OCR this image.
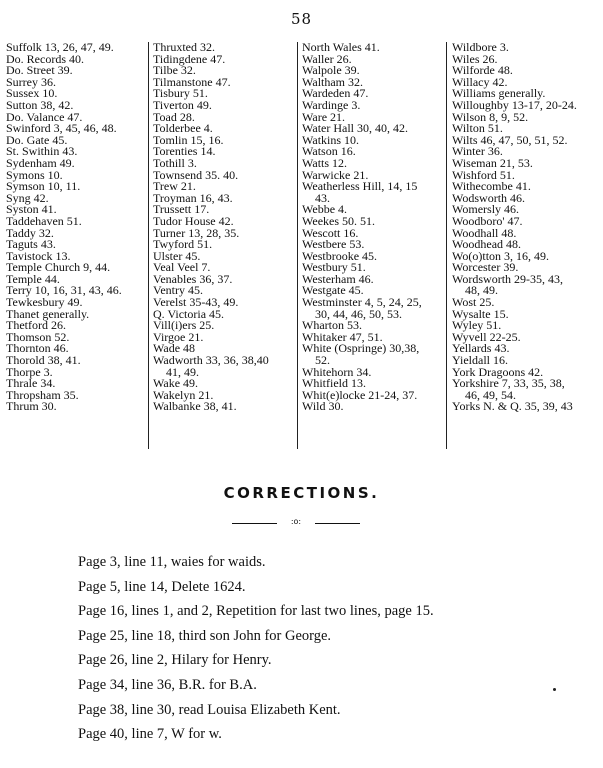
58
Suffolk 13, 26, 47, 49.
Do. Records 40.
Do. Street 39.
Surrey 36.
Sussex 10.
Sutton 38, 42.
Do. Valance 47.
Swinford 3, 45, 46, 48.
Do. Gate 45.
St. Swithin 43.
Sydenham 49.
Symons 10.
Symson 10, 11.
Syng 42.
Syston 41.
Taddehaven 51.
Taddy 32.
Taguts 43.
Tavistock 13.
Temple Church 9, 44.
Temple 44.
Terry 10, 16, 31, 43, 46.
Tewkesbury 49.
Thanet generally.
Thetford 26.
Thomson 52.
Thornton 46.
Thorold 38, 41.
Thorpe 3.
Thrale 34.
Thropsham 35.
Thrum 30.
Thruxted 32.
Tidingdene 47.
Tilbe 32.
Tilmanstone 47.
Tisbury 51.
Tiverton 49.
Toad 28.
Tolderbee 4.
Tomlin 15, 16.
Torenties 14.
Tothill 3.
Townsend 35. 40.
Trew 21.
Troyman 16, 43.
Trussett 17.
Tudor House 42.
Turner 13, 28, 35.
Twyford 51.
Ulster 45.
Veal Veel 7.
Venables 36, 37.
Ventry 45.
Verelst 35-43, 49.
Q. Victoria 45.
Vill(i)ers 25.
Virgoe 21.
Wade 48
Wadworth 33, 36, 38,40
41, 49.
Wake 49.
Wakelyn 21.
Walbanke 38, 41.
North Wales 41.
Waller 26.
Walpole 39.
Waltham 32.
Wardeden 47.
Wardinge 3.
Ware 21.
Water Hall 30, 40, 42.
Watkins 10.
Watson 16.
Watts 12.
Warwicke 21.
Weatherless Hill, 14, 15
43.
Webbe 4.
Weekes 50. 51.
Wescott 16.
Westbere 53.
Westbrooke 45.
Westbury 51.
Westerham 46.
Westgate 45.
Westminster 4, 5, 24, 25,
30, 44, 46, 50, 53.
Wharton 53.
Whitaker 47, 51.
White (Ospringe) 30,38,
52.
Whitehorn 34.
Whitfield 13.
Whit(e)locke 21-24, 37.
Wild 30.
Wildbore 3.
Wiles 26.
Wilforde 48.
Willacy 42.
Williams generally.
Willoughby 13-17, 20-24.
Wilson 8, 9, 52.
Wilton 51.
Wilts 46, 47, 50, 51, 52.
Winter 36.
Wiseman 21, 53.
Wishford 51.
Withecombe 41.
Wodsworth 46.
Womersly 46.
Woodboro' 47.
Woodhall 48.
Woodhead 48.
Wo(o)tton 3, 16, 49.
Worcester 39.
Wordsworth 29-35, 43,
48, 49.
Wost 25.
Wysalte 15.
Wyley 51.
Wyvell 22-25.
Yellards 43.
Yieldall 16.
York Dragoons 42.
Yorkshire 7, 33, 35, 38,
46, 49, 54.
Yorks N. & Q. 35, 39, 43
CORRECTIONS.
:o:
Page 3, line 11, waies for waids.
Page 5, line 14, Delete 1624.
Page 16, lines 1, and 2, Repetition for last two lines, page 15.
Page 25, line 18, third son John for George.
Page 26, line 2, Hilary for Henry.
Page 34, line 36, B.R. for B.A.
Page 38, line 30, read Louisa Elizabeth Kent.
Page 40, line 7, W for w.
